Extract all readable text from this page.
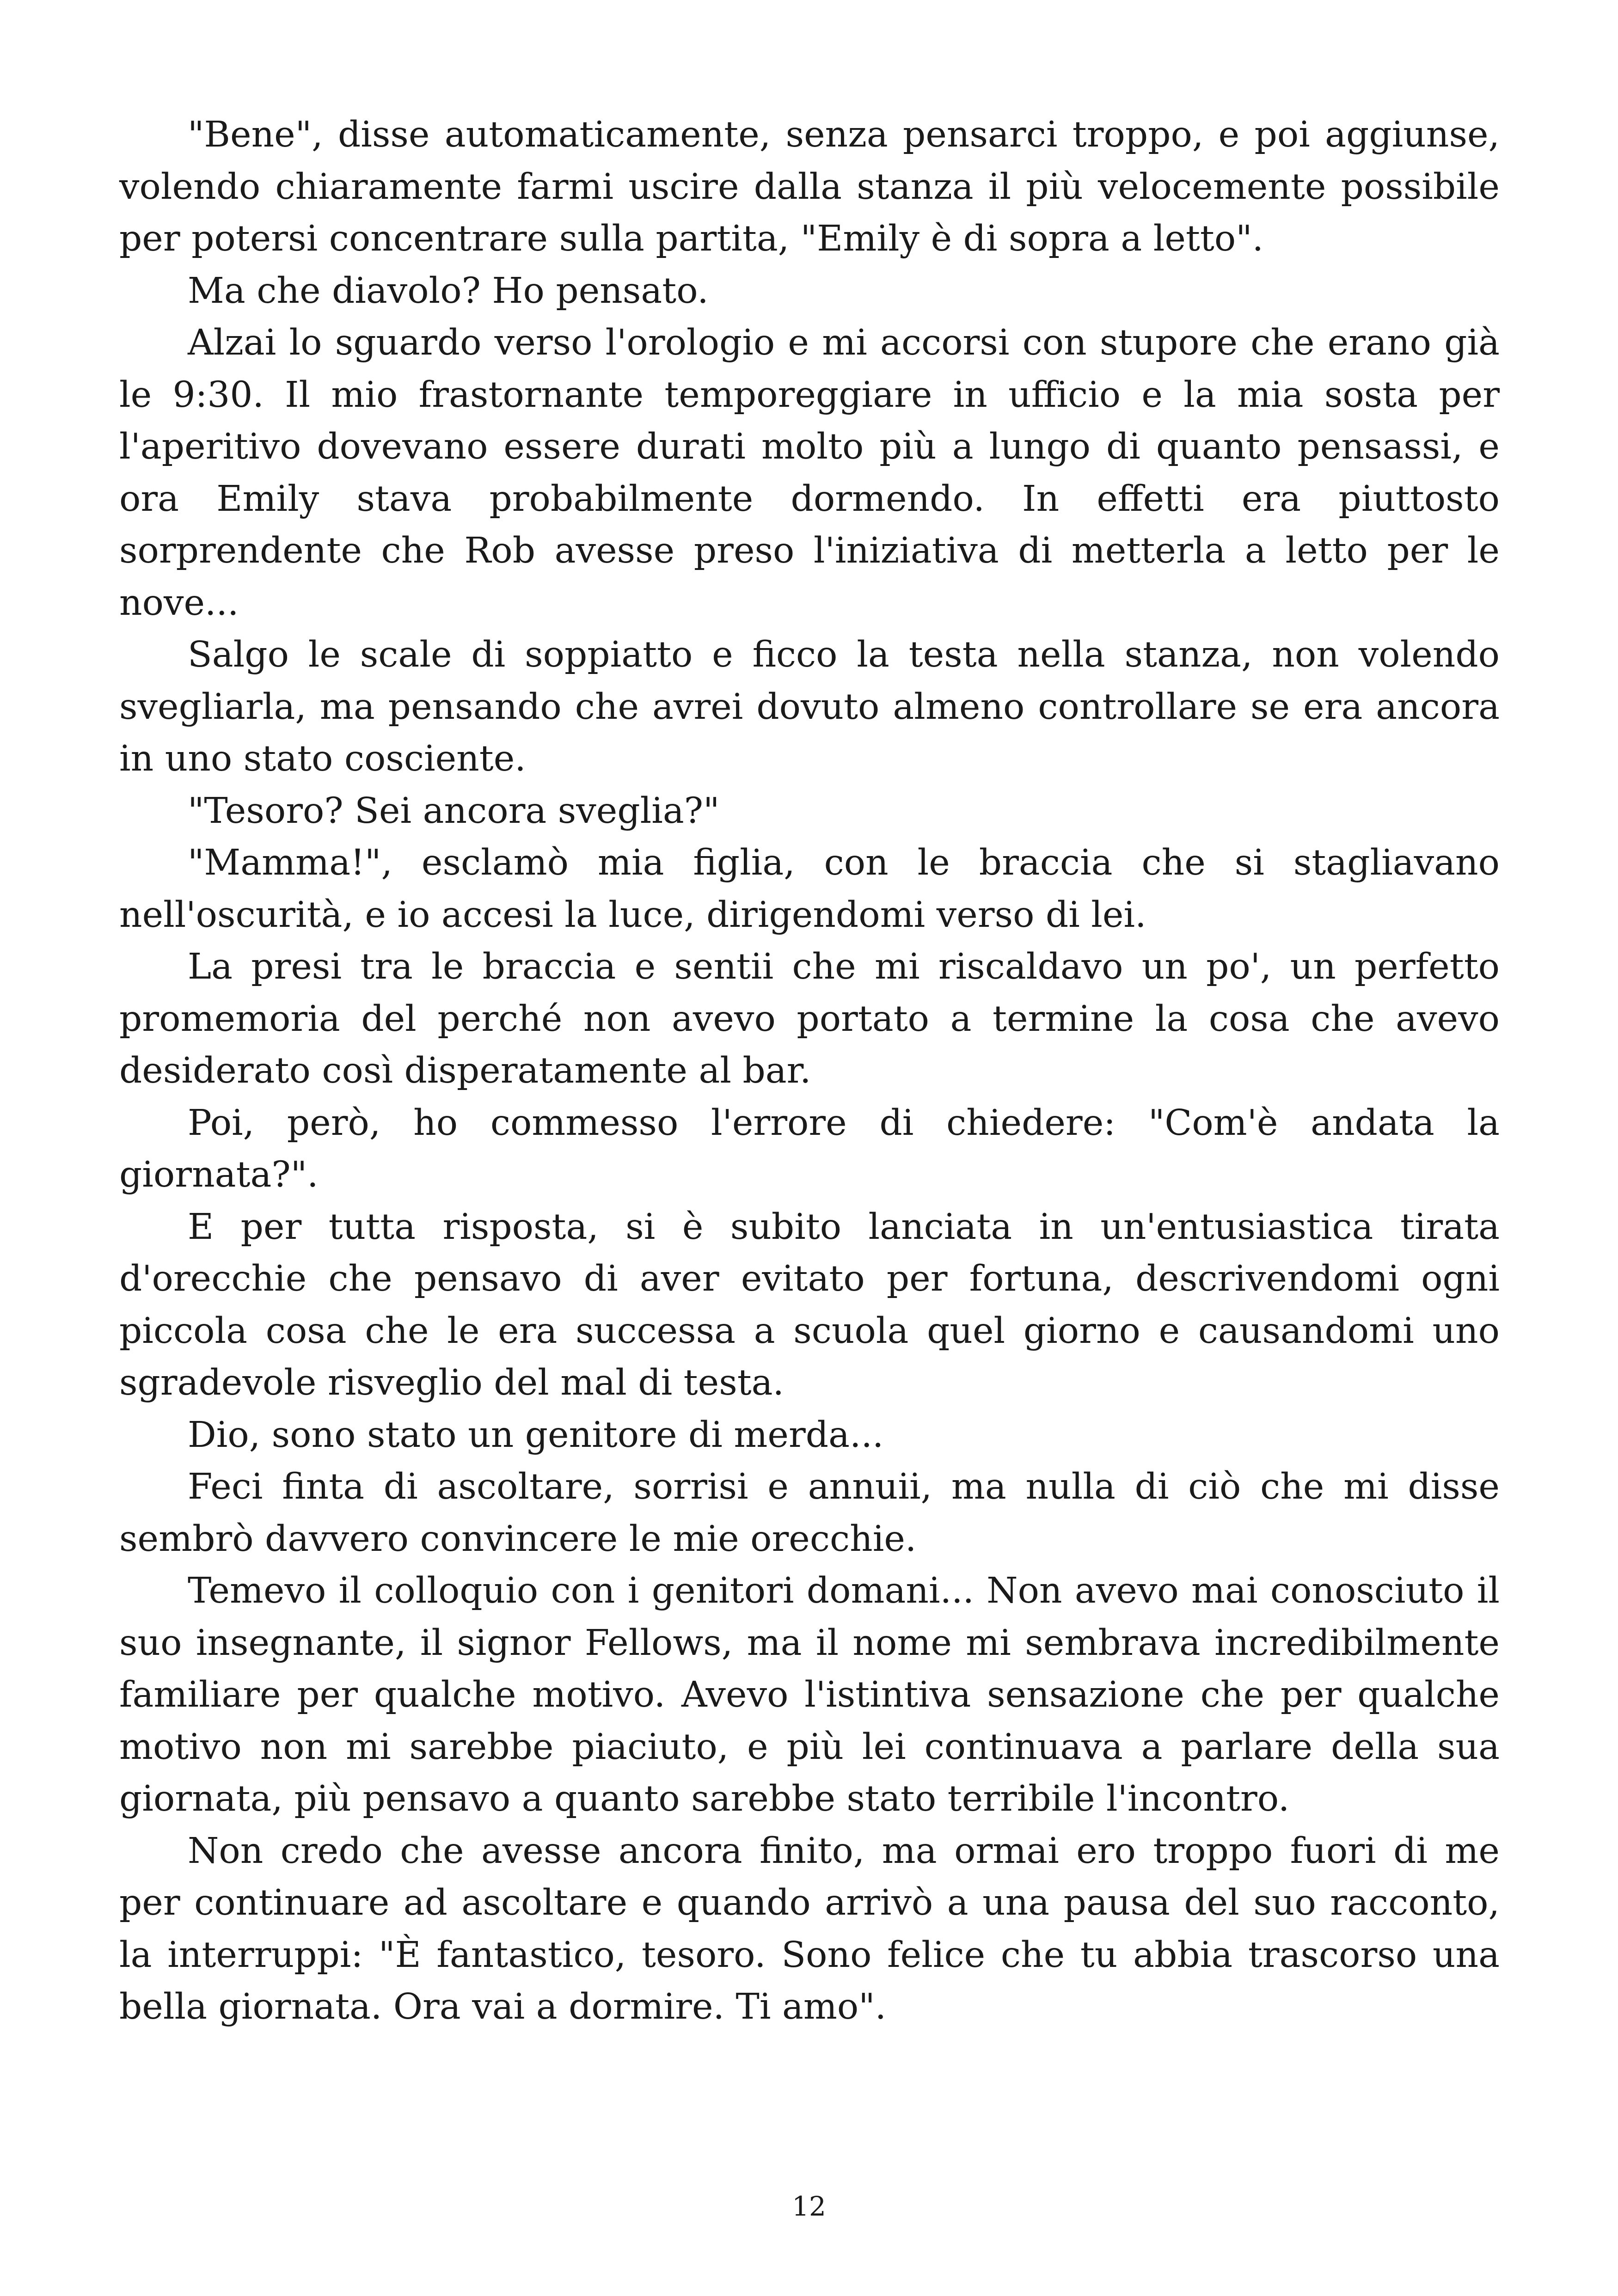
"Bene", disse automaticamente, senza pensarci troppo, e poi aggiunse, volendo chiaramente farmi uscire dalla stanza il più velocemente possibile per potersi concentrare sulla partita, "Emily è di sopra a letto".

Ma che diavolo? Ho pensato.

Alzai lo sguardo verso l'orologio e mi accorsi con stupore che erano già le 9:30. Il mio frastornante temporeggiare in ufficio e la mia sosta per l'aperitivo dovevano essere durati molto più a lungo di quanto pensassi, e ora Emily stava probabilmente dormendo. In effetti era piuttosto sorprendente che Rob avesse preso l'iniziativa di metterla a letto per le nove...

Salgo le scale di soppiatto e ficco la testa nella stanza, non volendo svegliarla, ma pensando che avrei dovuto almeno controllare se era ancora in uno stato cosciente.

"Tesoro? Sei ancora sveglia?"

"Mamma!", esclamò mia figlia, con le braccia che si stagliavano nell'oscurità, e io accesi la luce, dirigendomi verso di lei.

La presi tra le braccia e sentii che mi riscaldavo un po', un perfetto promemoria del perché non avevo portato a termine la cosa che avevo desiderato così disperatamente al bar.

Poi, però, ho commesso l'errore di chiedere: "Com'è andata la giornata?".

E per tutta risposta, si è subito lanciata in un'entusiastica tirata d'orecchie che pensavo di aver evitato per fortuna, descrivendomi ogni piccola cosa che le era successa a scuola quel giorno e causandomi uno sgradevole risveglio del mal di testa.

Dio, sono stato un genitore di merda...

Feci finta di ascoltare, sorrisi e annuii, ma nulla di ciò che mi disse sembrò davvero convincere le mie orecchie.

Temevo il colloquio con i genitori domani... Non avevo mai conosciuto il suo insegnante, il signor Fellows, ma il nome mi sembrava incredibilmente familiare per qualche motivo. Avevo l'istintiva sensazione che per qualche motivo non mi sarebbe piaciuto, e più lei continuava a parlare della sua giornata, più pensavo a quanto sarebbe stato terribile l'incontro.

Non credo che avesse ancora finito, ma ormai ero troppo fuori di me per continuare ad ascoltare e quando arrivò a una pausa del suo racconto, la interruppi: "È fantastico, tesoro. Sono felice che tu abbia trascorso una bella giornata. Ora vai a dormire. Ti amo".

12
